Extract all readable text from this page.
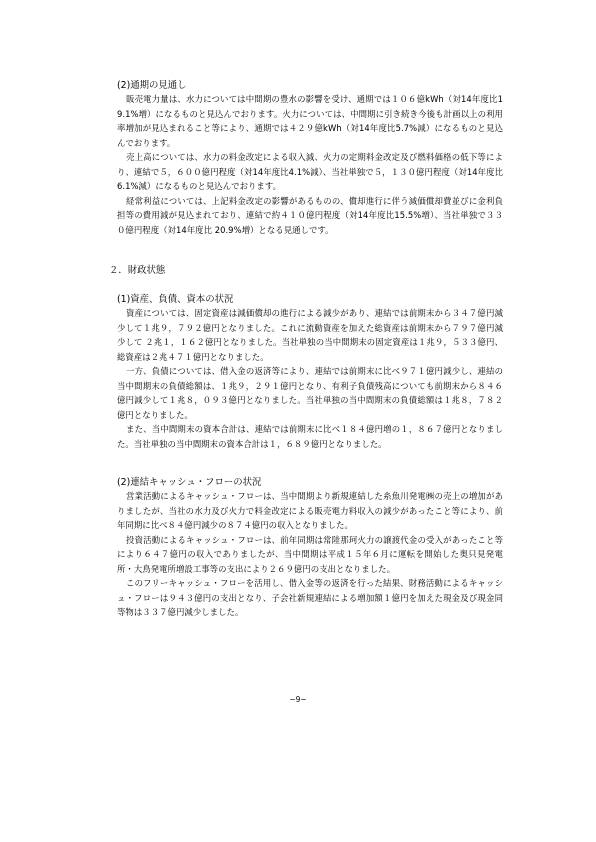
(2)通期の見通し

販売電力量は、水力については中間期の豊水の影響を受け、通期では１０６億kWh（対14年度比19.1%増）になるものと見込んでおります。火力については、中間期に引き続き今後も計画以上の利用率増加が見込まれること等により、通期では４２９億kWh（対14年度比5.7%減）になるものと見込んでおります。

売上高については、水力の料金改定による収入減、火力の定期料金改定及び燃料価格の低下等により、連結で５，６００億円程度（対14年度比4.1%減）、当社単独で５，１３０億円程度（対14年度比6.1%減）になるものと見込んでおります。

経常利益については、上記料金改定の影響があるものの、償却進行に伴う減価償却費並びに金利負担等の費用減が見込まれており、連結で約４１０億円程度（対14年度比15.5%増）、当社単独で３３０億円程度（対14年度比 20.9%増）となる見通しです。

２．財政状態
(1)資産、負債、資本の状況

資産については、固定資産は減価償却の進行による減少があり、連結では前期末から３４７億円減少して１兆９，７９２億円となりました。これに流動資産を加えた総資産は前期末から７９７億円減少して ２兆１，１６２億円となりました。当社単独の当中間期末の固定資産は１兆９，５３３億円、総資産は２兆４７１億円となりました。

一方、負債については、借入金の返済等により、連結では前期末に比べ９７１億円減少し、連結の当中間期末の負債総額は、１兆９，２９１億円となり、有利子負債残高についても前期末から８４６億円減少して１兆８，０９３億円となりました。当社単独の当中間期末の負債総額は１兆８，７８２億円となりました。

また、当中間期末の資本合計は、連結では前期末に比べ１８４億円増の１，８６７億円となりました。当社単独の当中間期末の資本合計は１，６８９億円となりました。

(2)連結キャッシュ・フローの状況

営業活動によるキャッシュ・フローは、当中間期より新規連結した糸魚川発電㈱の売上の増加がありましたが、当社の水力及び火力で料金改定による販売電力料収入の減少があったこと等により、前年同期に比べ８４億円減少の８７４億円の収入となりました。

投資活動によるキャッシュ・フローは、前年同期は常陸那珂火力の譲渡代金の受入があったこと等により６４７億円の収入でありましたが、当中間期は平成１５年６月に運転を開始した奥只見発電所・大鳥発電所増設工事等の支出により２６９億円の支出となりました。

このフリーキャッシュ・フローを活用し、借入金等の返済を行った結果、財務活動によるキャッシュ・フローは９４３億円の支出となり、子会社新規連結による増加額１億円を加えた現金及び現金同等物は３３７億円減少しました。

−9−
